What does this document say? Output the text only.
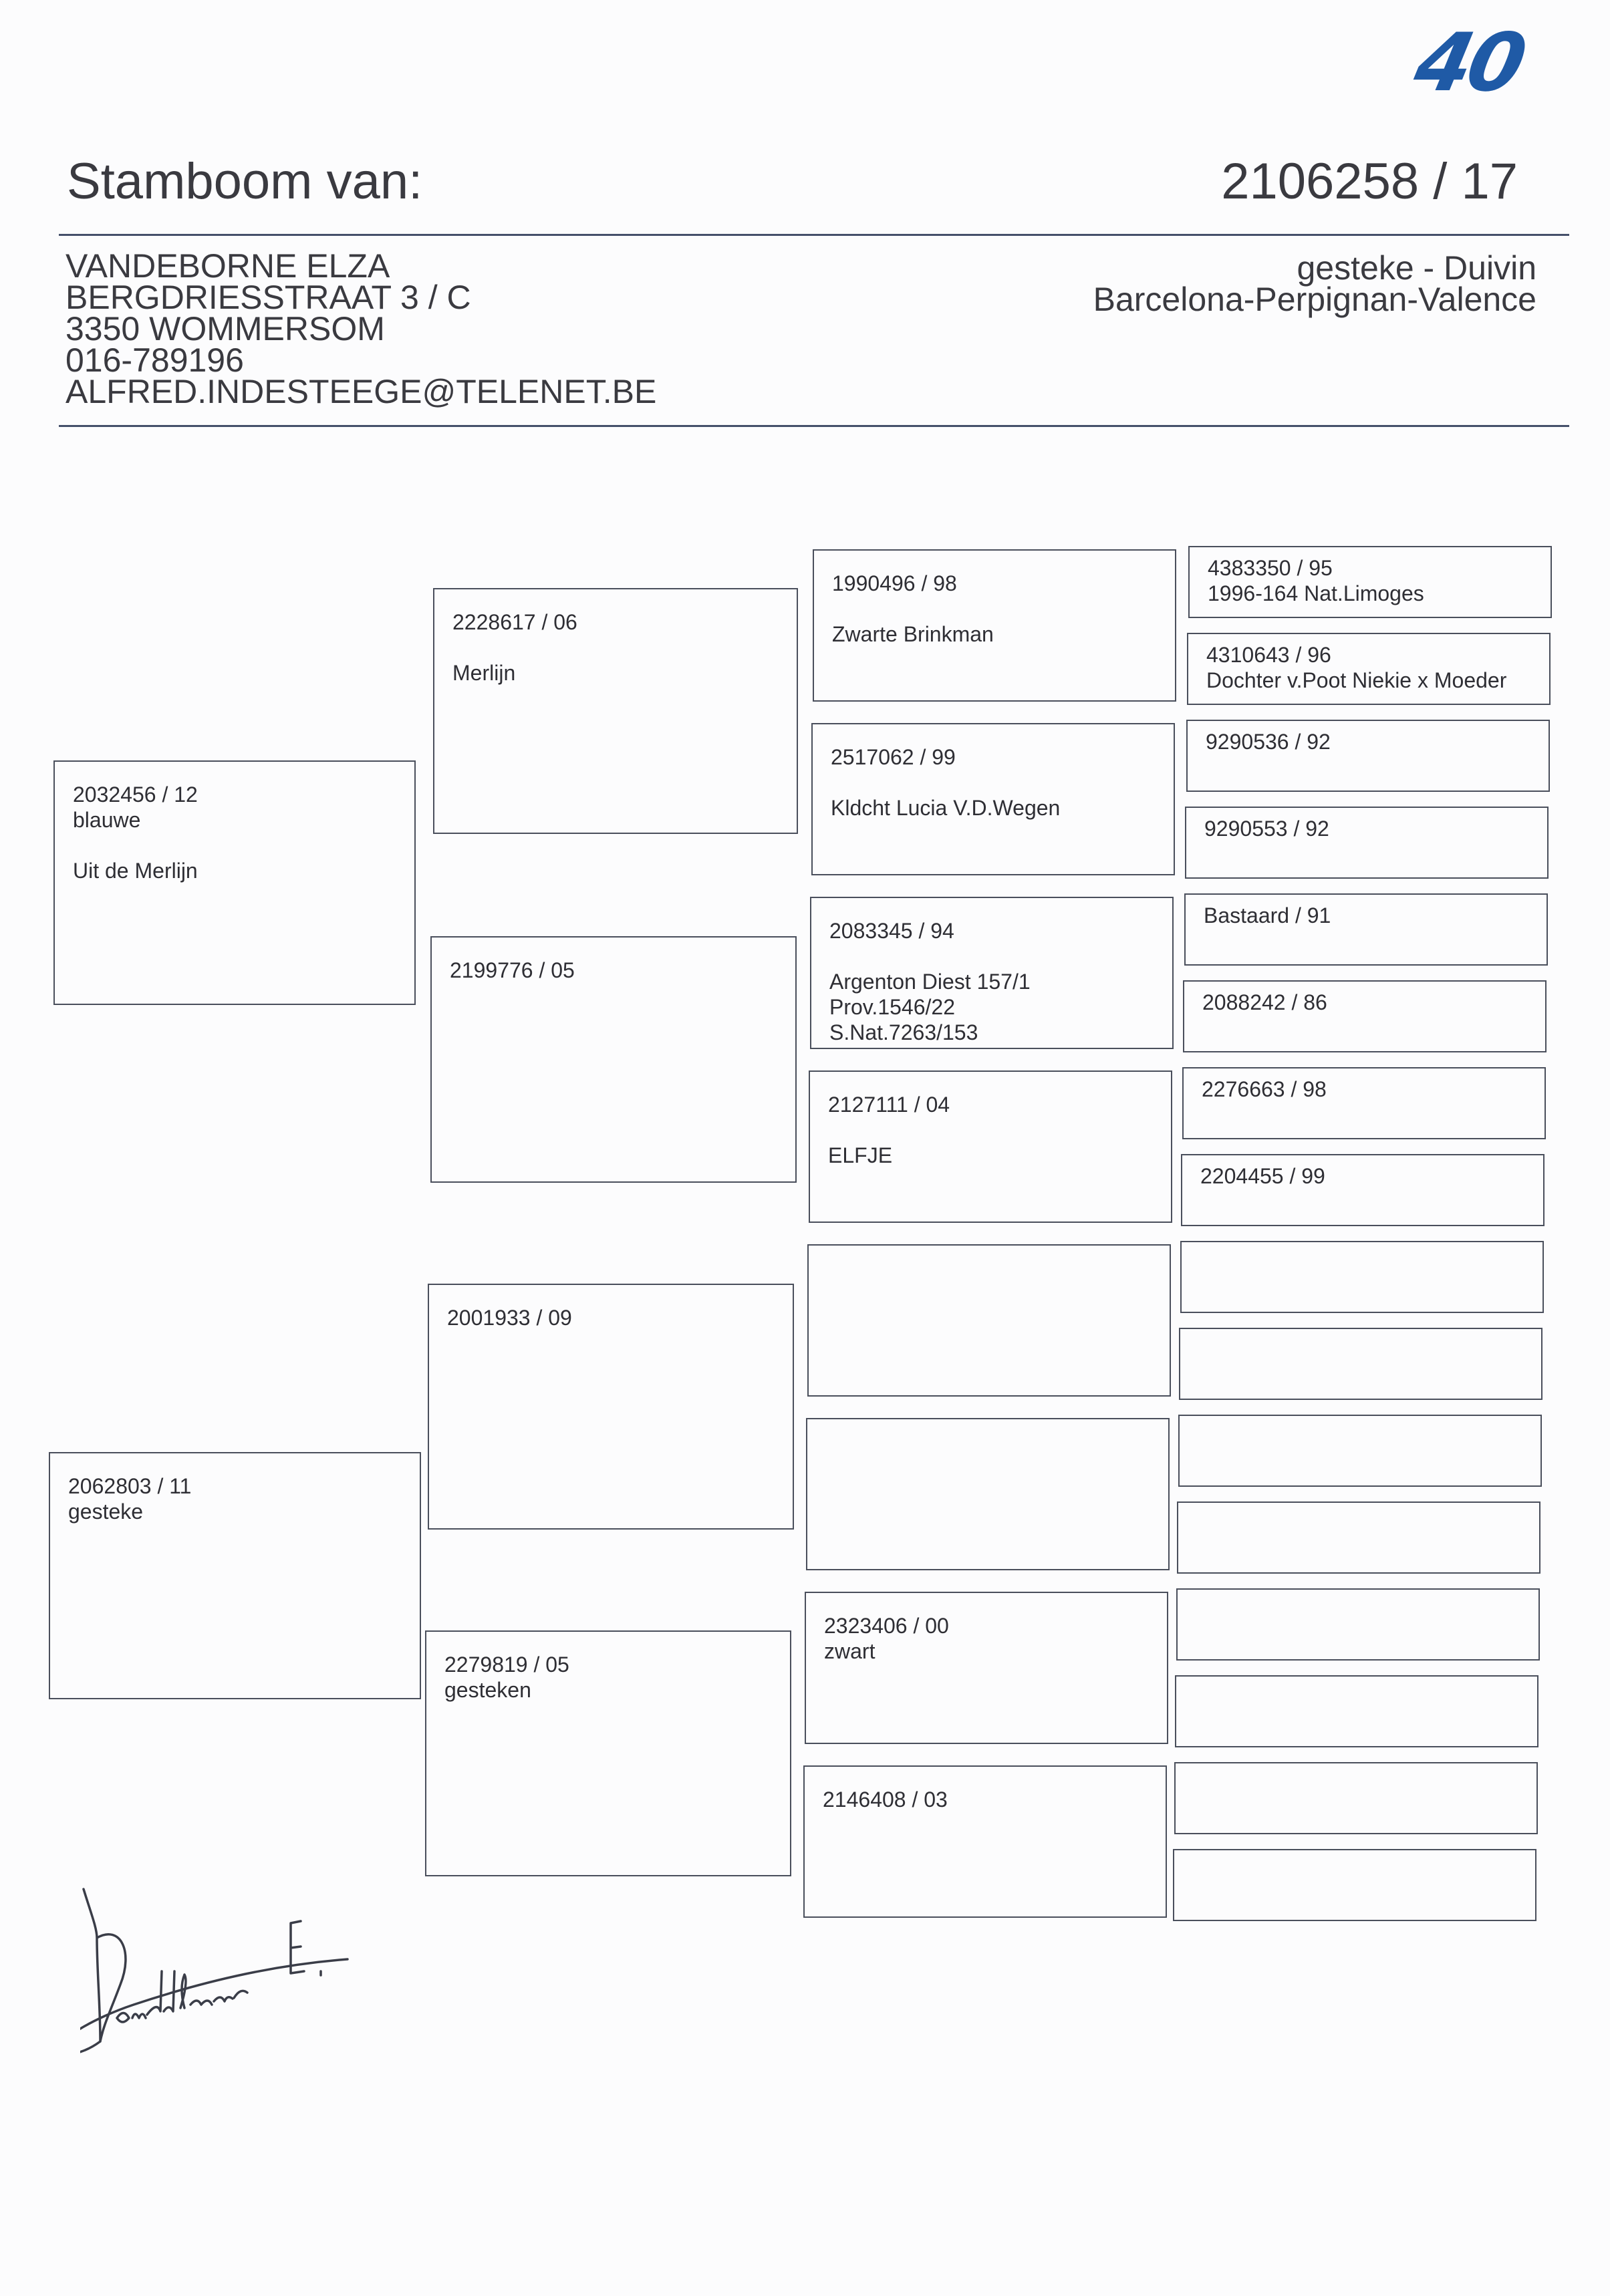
40
Stamboom van:	2106258 / 17
VANDEBORNE ELZA
BERGDRIESSTRAAT 3 / C
3350 WOMMERSOM
016-789196
ALFRED.INDESTEEGE@TELENET.BE
gesteke - Duivin
Barcelona-Perpignan-Valence
2032456 / 12
blauwe
Uit de Merlijn
2062803 / 11
gesteke
2228617 / 06
Merlijn
2199776 / 05
2001933 / 09
2279819 / 05
gesteken
1990496 / 98
Zwarte Brinkman
2517062 / 99
Kldcht Lucia V.D.Wegen
2083345 / 94
Argenton Diest 157/1
Prov.1546/22
S.Nat.7263/153
2127111 / 04
ELFJE
2323406 / 00
zwart
2146408 / 03
4383350 / 95
1996-164 Nat.Limoges
4310643 / 96
Dochter v.Poot Niekie x Moeder
9290536 / 92
9290553 / 92
Bastaard / 91
2088242 / 86
2276663 / 98
2204455 / 99
